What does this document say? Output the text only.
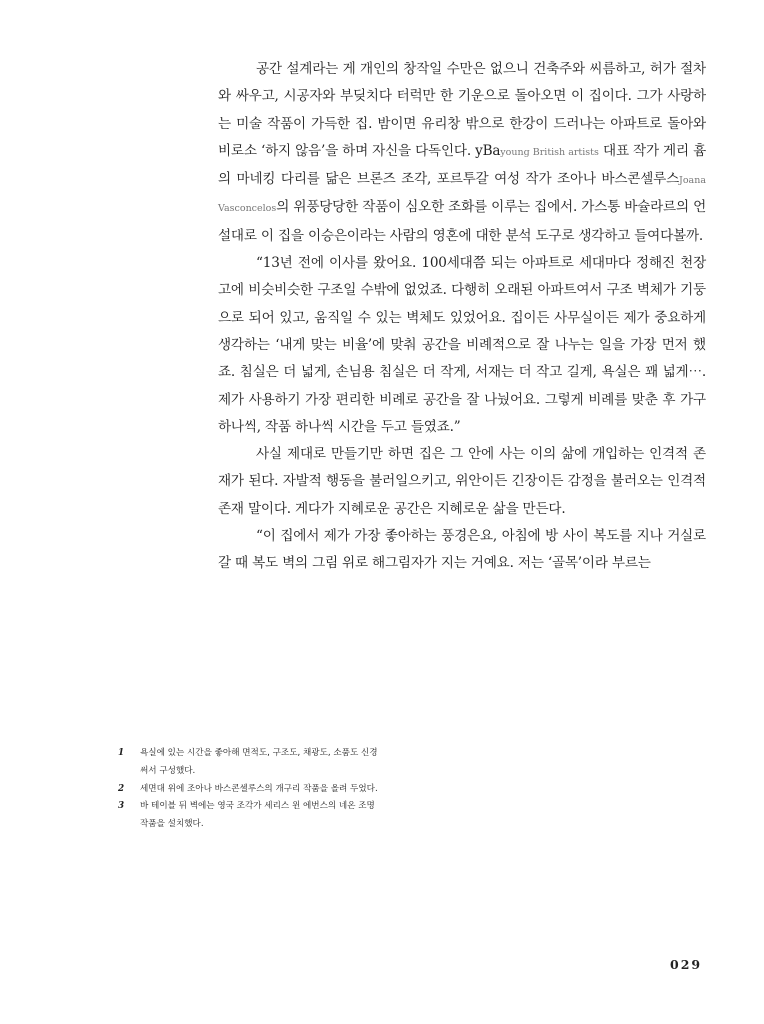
공간 설계라는 게 개인의 창작일 수만은 없으니 건축주와 씨름하고, 허가 절차와 싸우고, 시공자와 부딪치다 터럭만 한 기운으로 돌아오면 이 집이다. 그가 사랑하는 미술 작품이 가득한 집. 밤이면 유리창 밖으로 한강이 드러나는 아파트로 돌아와 비로소 ‘하지 않음’을 하며 자신을 다독인다. yBayoung British artists 대표 작가 게리 흄의 마네킹 다리를 닮은 브론즈 조각, 포르투갈 여성 작가 조아나 바스콘셀루스Joana Vasconcelos의 위풍당당한 작품이 심오한 조화를 이루는 집에서. 가스통 바슐라르의 언설대로 이 집을 이승은이라는 사람의 영혼에 대한 분석 도구로 생각하고 들여다볼까.

“13년 전에 이사를 왔어요. 100세대쯤 되는 아파트로 세대마다 정해진 천장고에 비슷비슷한 구조일 수밖에 없었죠. 다행히 오래된 아파트여서 구조 벽체가 기둥으로 되어 있고, 움직일 수 있는 벽체도 있었어요. 집이든 사무실이든 제가 중요하게 생각하는 ‘내게 맞는 비율’에 맞춰 공간을 비례적으로 잘 나누는 일을 가장 먼저 했죠. 침실은 더 넓게, 손님용 침실은 더 작게, 서재는 더 작고 길게, 욕실은 꽤 넓게⋯. 제가 사용하기 가장 편리한 비례로 공간을 잘 나눴어요. 그렇게 비례를 맞춘 후 가구 하나씩, 작품 하나씩 시간을 두고 들였죠.”

사실 제대로 만들기만 하면 집은 그 안에 사는 이의 삶에 개입하는 인격적 존재가 된다. 자발적 행동을 불러일으키고, 위안이든 긴장이든 감정을 불러오는 인격적 존재 말이다. 게다가 지혜로운 공간은 지혜로운 삶을 만든다.

“이 집에서 제가 가장 좋아하는 풍경은요, 아침에 방 사이 복도를 지나 거실로 갈 때 복도 벽의 그림 위로 해그림자가 지는 거예요. 저는 ‘골목’이라 부르는

1	욕실에 있는 시간을 좋아해 면적도, 구조도, 채광도, 소품도 신경 써서 구성했다.
2	세면대 위에 조아나 바스콘셀루스의 개구리 작품을 올려 두었다.
3	바 테이블 뒤 벽에는 영국 조각가 세리스 윈 에번스의 네온 조명 작품을 설치했다.
029
